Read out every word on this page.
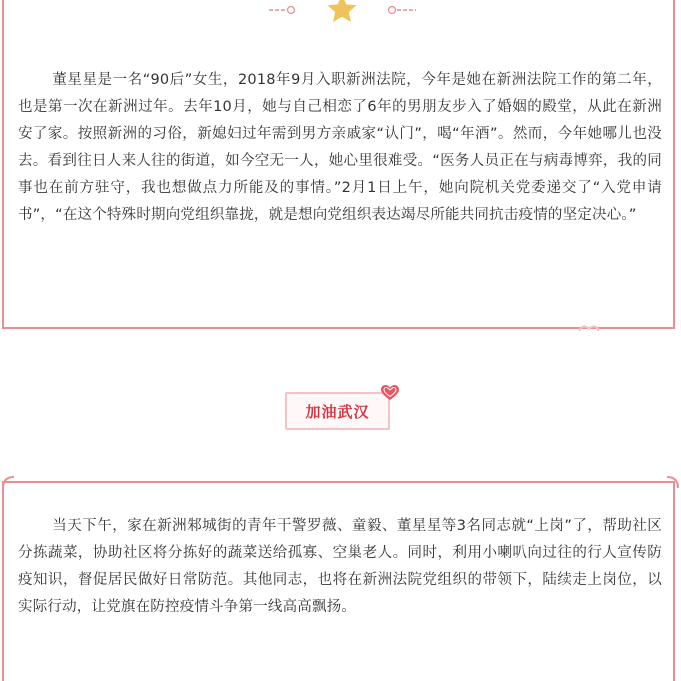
董星星是一名“90后”女生，2018年9月入职新洲法院，今年是她在新洲法院工作的第二年，也是第一次在新洲过年。去年10月，她与自己相恋了6年的男朋友步入了婚姻的殿堂，从此在新洲安了家。按照新洲的习俗，新媳妇过年需到男方亲戚家“认门”，喝“年酒”。然而，今年她哪儿也没去。看到往日人来人往的街道，如今空无一人，她心里很难受。“医务人员正在与病毒博弈，我的同事也在前方驻守，我也想做点力所能及的事情。”2月1日上午，她向院机关党委递交了“入党申请书”，“在这个特殊时期向党组织靠拢，就是想向党组织表达竭尽所能共同抗击疫情的坚定决心。”

加油武汉

当天下午，家在新洲邾城街的青年干警罗薇、童毅、董星星等3名同志就“上岗”了，帮助社区分拣蔬菜，协助社区将分拣好的蔬菜送给孤寡、空巢老人。同时，利用小喇叭向过往的行人宣传防疫知识，督促居民做好日常防范。其他同志，也将在新洲法院党组织的带领下，陆续走上岗位，以实际行动，让党旗在防控疫情斗争第一线高高飘扬。
